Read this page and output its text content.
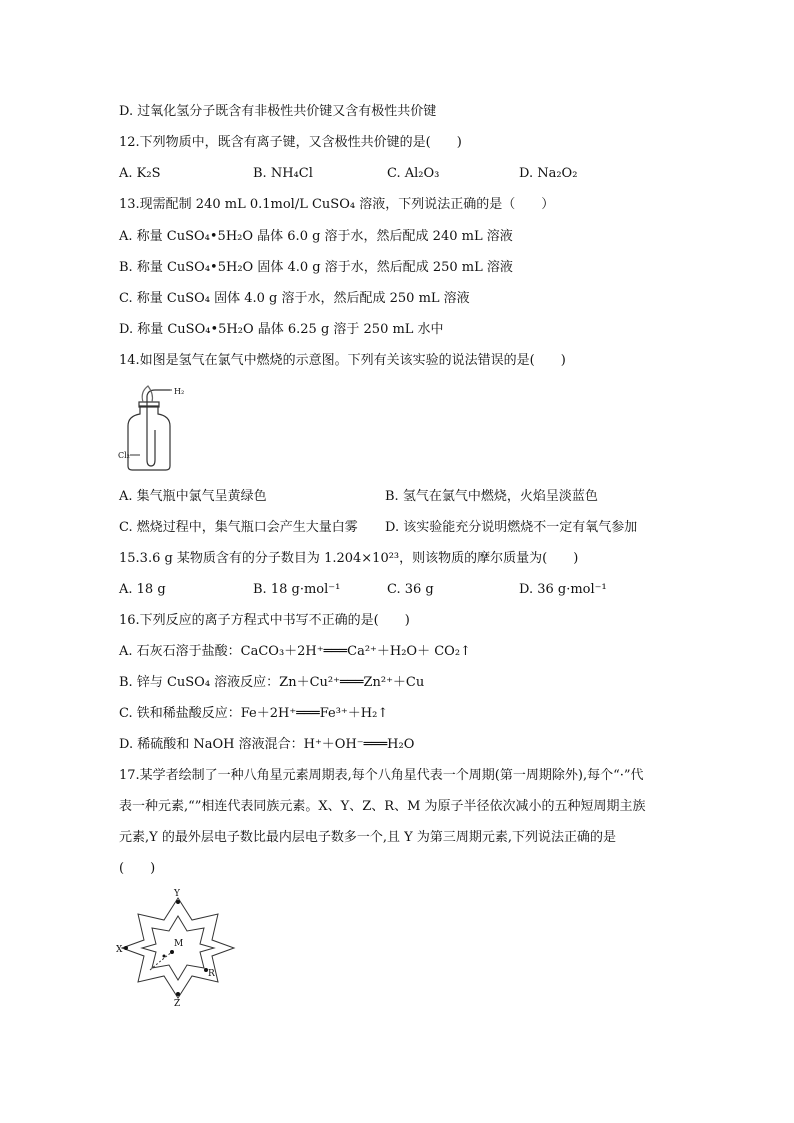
D. 过氧化氢分子既含有非极性共价键又含有极性共价键
12.下列物质中，既含有离子键，又含极性共价键的是(　　)
A. K₂S	B. NH₄Cl	C. Al₂O₃	D. Na₂O₂
13.现需配制 240 mL 0.1mol/L CuSO₄ 溶液，下列说法正确的是（　　）
A. 称量 CuSO₄•5H₂O 晶体 6.0 g 溶于水，然后配成 240 mL 溶液
B. 称量 CuSO₄•5H₂O 固体 4.0 g 溶于水，然后配成 250 mL 溶液
C. 称量 CuSO₄ 固体 4.0 g 溶于水，然后配成 250 mL 溶液
D. 称量 CuSO₄•5H₂O 晶体 6.25 g 溶于 250 mL 水中
14.如图是氢气在氯气中燃烧的示意图。下列有关该实验的说法错误的是(　　)
H₂
Cl₂
A. 集气瓶中氯气呈黄绿色	B. 氢气在氯气中燃烧，火焰呈淡蓝色
C. 燃烧过程中，集气瓶口会产生大量白雾 D. 该实验能充分说明燃烧不一定有氧气参加
15.3.6 g 某物质含有的分子数目为 1.204×10²³，则该物质的摩尔质量为(　　)
A. 18 g	B. 18 g·mol⁻¹	C. 36 g	D. 36 g·mol⁻¹
16.下列反应的离子方程式中书写不正确的是(　　)
A. 石灰石溶于盐酸：CaCO₃＋2H⁺═══Ca²⁺＋H₂O＋ CO₂↑
B. 锌与 CuSO₄ 溶液反应：Zn＋Cu²⁺═══Zn²⁺＋Cu
C. 铁和稀盐酸反应：Fe＋2H⁺═══Fe³⁺＋H₂↑
D. 稀硫酸和 NaOH 溶液混合：H⁺＋OH⁻═══H₂O
17.某学者绘制了一种八角星元素周期表,每个八角星代表一个周期(第一周期除外),每个“·”代
表一种元素,“”相连代表同族元素。X、Y、Z、R、M 为原子半径依次减小的五种短周期主族
元素,Y 的最外层电子数比最内层电子数多一个,且 Y 为第三周期元素,下列说法正确的是
(　　)
Y
X
M
R
Z
